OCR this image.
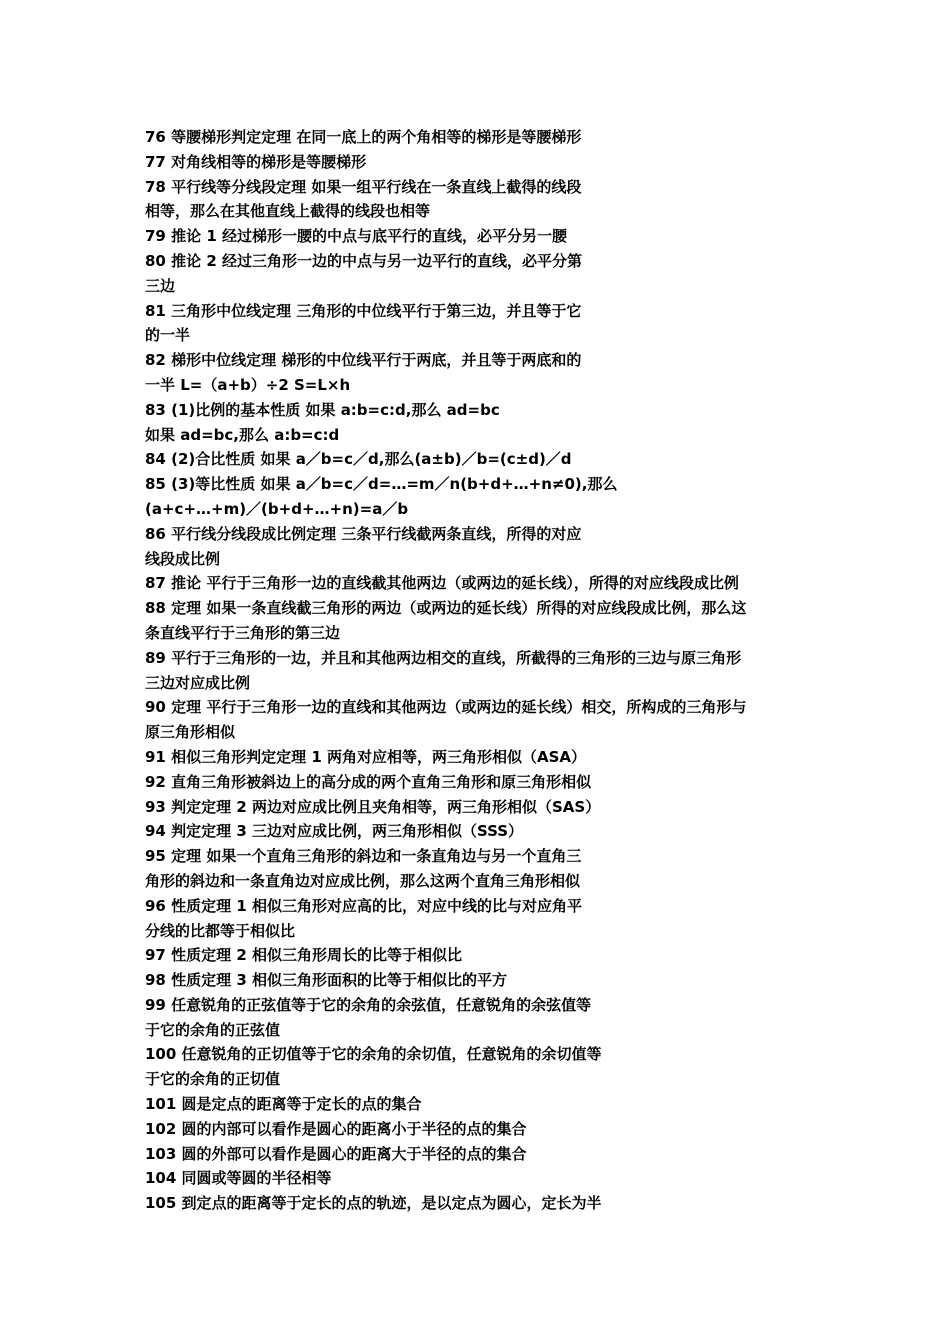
76 等腰梯形判定定理 在同一底上的两个角相等的梯形是等腰梯形
77 对角线相等的梯形是等腰梯形
78 平行线等分线段定理 如果一组平行线在一条直线上截得的线段
相等，那么在其他直线上截得的线段也相等
79 推论 1 经过梯形一腰的中点与底平行的直线，必平分另一腰
80 推论 2 经过三角形一边的中点与另一边平行的直线，必平分第
三边
81 三角形中位线定理 三角形的中位线平行于第三边，并且等于它
的一半
82 梯形中位线定理 梯形的中位线平行于两底，并且等于两底和的
一半 L=（a+b）÷2 S=L×h
83 (1)比例的基本性质 如果 a:b=c:d,那么 ad=bc
如果 ad=bc,那么 a:b=c:d
84 (2)合比性质 如果 a／b=c／d,那么(a±b)／b=(c±d)／d
85 (3)等比性质 如果 a／b=c／d=…=m／n(b+d+…+n≠0),那么
(a+c+…+m)／(b+d+…+n)=a／b
86 平行线分线段成比例定理 三条平行线截两条直线，所得的对应
线段成比例
87 推论 平行于三角形一边的直线截其他两边（或两边的延长线），所得的对应线段成比例
88 定理 如果一条直线截三角形的两边（或两边的延长线）所得的对应线段成比例，那么这
条直线平行于三角形的第三边
89 平行于三角形的一边，并且和其他两边相交的直线，所截得的三角形的三边与原三角形
三边对应成比例
90 定理 平行于三角形一边的直线和其他两边（或两边的延长线）相交，所构成的三角形与
原三角形相似
91 相似三角形判定定理 1 两角对应相等，两三角形相似（ASA）
92 直角三角形被斜边上的高分成的两个直角三角形和原三角形相似
93 判定定理 2 两边对应成比例且夹角相等，两三角形相似（SAS）
94 判定定理 3 三边对应成比例，两三角形相似（SSS）
95 定理 如果一个直角三角形的斜边和一条直角边与另一个直角三
角形的斜边和一条直角边对应成比例，那么这两个直角三角形相似
96 性质定理 1 相似三角形对应高的比，对应中线的比与对应角平
分线的比都等于相似比
97 性质定理 2 相似三角形周长的比等于相似比
98 性质定理 3 相似三角形面积的比等于相似比的平方
99 任意锐角的正弦值等于它的余角的余弦值，任意锐角的余弦值等
于它的余角的正弦值
100 任意锐角的正切值等于它的余角的余切值，任意锐角的余切值等
于它的余角的正切值
101 圆是定点的距离等于定长的点的集合
102 圆的内部可以看作是圆心的距离小于半径的点的集合
103 圆的外部可以看作是圆心的距离大于半径的点的集合
104 同圆或等圆的半径相等
105 到定点的距离等于定长的点的轨迹，是以定点为圆心，定长为半
